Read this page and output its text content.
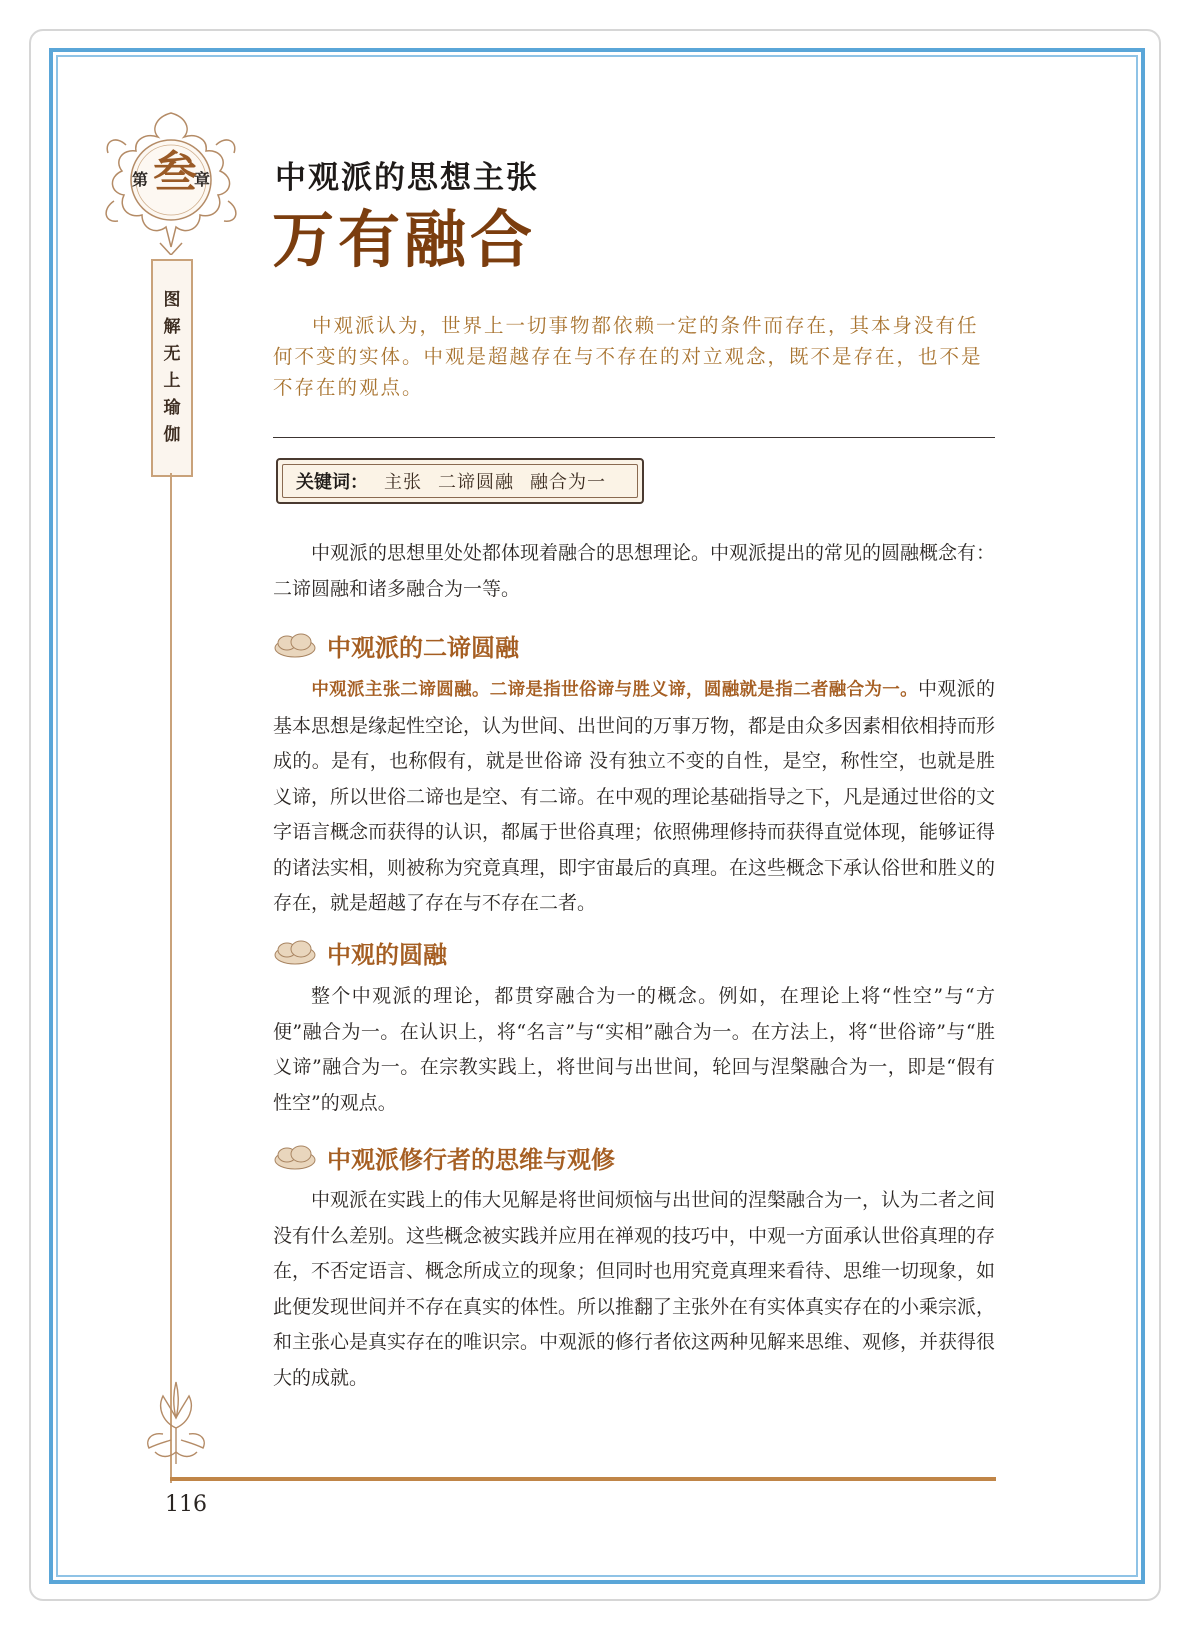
第 叁
章
图
解
无
上
瑜
伽
中观派的思想主张
万有融合

中观派认为，世界上一切事物都依赖一定的条件而存在，其本身没有任何不变的实体。中观是超越存在与不存在的对立观念，既不是存在，也不是不存在的观点。

关键词： 主张 二谛圆融 融合为一

中观派的思想里处处都体现着融合的思想理论。中观派提出的常见的圆融概念有：二谛圆融和诸多融合为一等。

中观派的二谛圆融

中观派主张二谛圆融。二谛是指世俗谛与胜义谛，圆融就是指二者融合为一。中观派的基本思想是缘起性空论，认为世间、出世间的万事万物，都是由众多因素相依相持而形成的。是有，也称假有，就是世俗谛 没有独立不变的自性，是空，称性空，也就是胜义谛，所以世俗二谛也是空、有二谛。在中观的理论基础指导之下，凡是通过世俗的文字语言概念而获得的认识，都属于世俗真理；依照佛理修持而获得直觉体现，能够证得的诸法实相，则被称为究竟真理，即宇宙最后的真理。在这些概念下承认俗世和胜义的存在，就是超越了存在与不存在二者。

中观的圆融

整个中观派的理论，都贯穿融合为一的概念。例如，在理论上将“性空”与“方便”融合为一。在认识上，将“名言”与“实相”融合为一。在方法上，将“世俗谛”与“胜义谛”融合为一。在宗教实践上，将世间与出世间，轮回与涅槃融合为一，即是“假有性空”的观点。

中观派修行者的思维与观修

中观派在实践上的伟大见解是将世间烦恼与出世间的涅槃融合为一，认为二者之间没有什么差别。这些概念被实践并应用在禅观的技巧中，中观一方面承认世俗真理的存在，不否定语言、概念所成立的现象；但同时也用究竟真理来看待、思维一切现象，如此便发现世间并不存在真实的体性。所以推翻了主张外在有实体真实存在的小乘宗派，和主张心是真实存在的唯识宗。中观派的修行者依这两种见解来思维、观修，并获得很大的成就。

116
